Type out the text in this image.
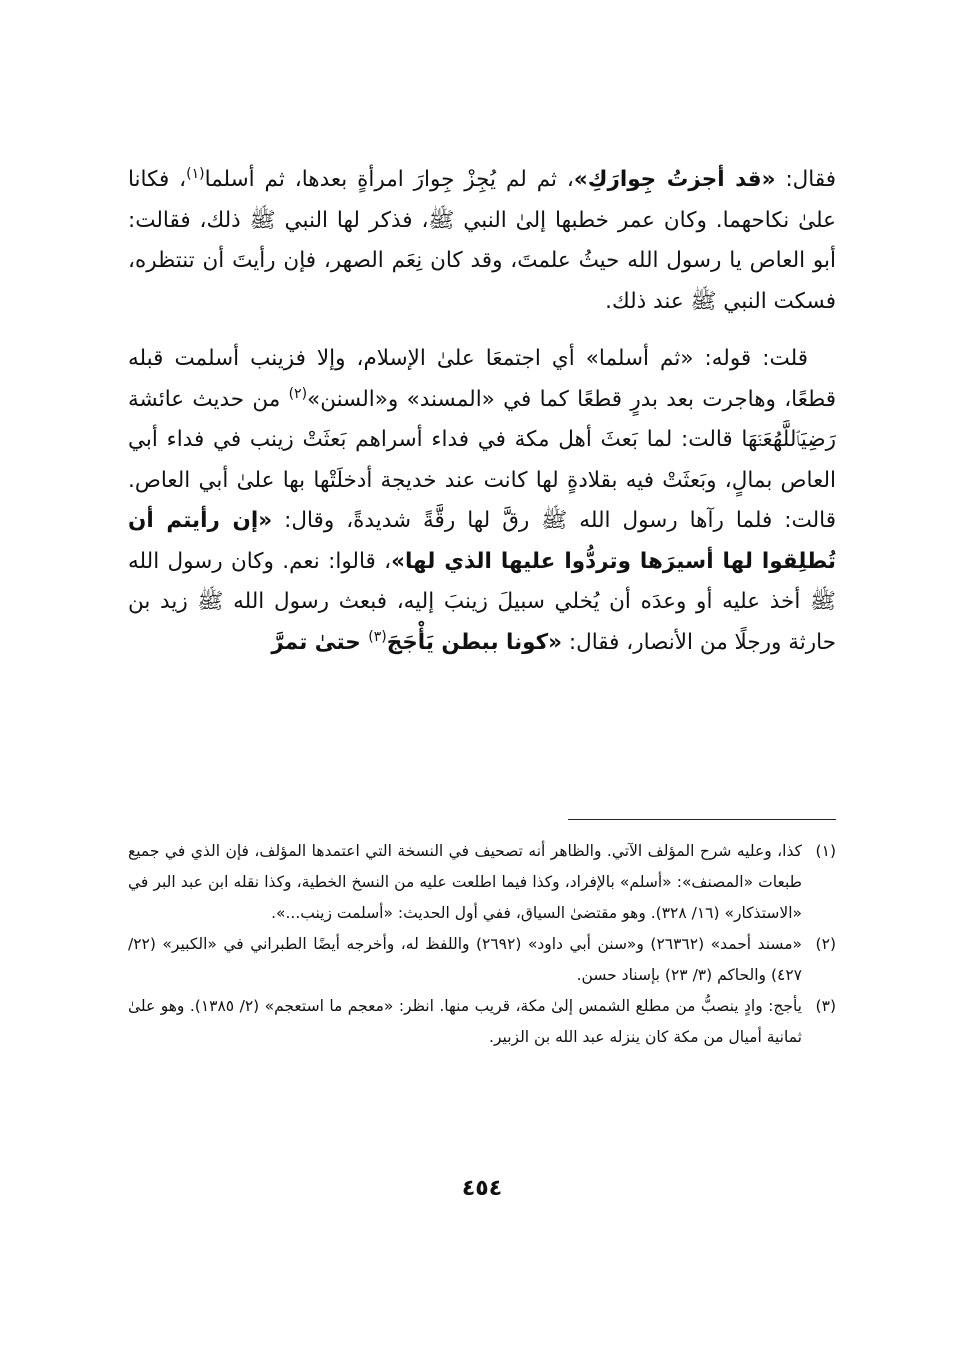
فقال: «قد أجزتُ جِوارَكِ»، ثم لم يُجِزْ جِوارَ امرأةٍ بعدها، ثم أسلما$^{(١)}$، فكانا علىٰ نكاحهما. وكان عمر خطبها إلىٰ النبي ﷺ، فذكر لها النبي ﷺ ذلك، فقالت: أبو العاص يا رسول الله حيثُ علمتَ، وقد كان نِعَم الصهر، فإن رأيتَ أن تنتظره، فسكت النبي ﷺ عند ذلك.

قلت: قوله: «ثم أسلما» أي اجتمعَا علىٰ الإسلام، وإلا فزينب أسلمت قبله قطعًا، وهاجرت بعد بدرٍ قطعًا كما في «المسند» و«السنن»$^{(٢)}$ من حديث عائشة رَضِيَٱللَّهُعَنۡهَا قالت: لما بَعثَ أهل مكة في فداء أسراهم بَعثَتْ زينب في فداء أبي العاص بمالٍ، وبَعثَتْ فيه بقلادةٍ لها كانت عند خديجة أدخلَتْها بها علىٰ أبي العاص. قالت: فلما رآها رسول الله ﷺ رقَّ لها رقَّةً شديدةً، وقال: «إن رأيتم أن تُطلِقوا لها أسيرَها وتردُّوا عليها الذي لها»، قالوا: نعم. وكان رسول الله ﷺ أخذ عليه أو وعدَه أن يُخلي سبيلَ زينبَ إليه، فبعث رسول الله ﷺ زيد بن حارثة ورجلًا من الأنصار، فقال: «كونا ببطن يَأْجَجَ$^{(٣)}$ حتىٰ تمرَّ

(١)
كذا، وعليه شرح المؤلف الآتي. والظاهر أنه تصحيف في النسخة التي اعتمدها المؤلف، فإن الذي في جميع طبعات «المصنف»: «أسلم» بالإفراد، وكذا فيما اطلعت عليه من النسخ الخطية، وكذا نقله ابن عبد البر في «الاستذكار» (١٦/ ٣٢٨). وهو مقتضىٰ السياق، ففي أول الحديث: «أسلمت زينب...».
(٢)
«مسند أحمد» (٢٦٣٦٢) و«سنن أبي داود» (٢٦٩٢) واللفظ له، وأخرجه أيضًا الطبراني في «الكبير» (٢٢/ ٤٢٧) والحاكم (٣/ ٢٣) بإسناد حسن.
(٣)
يأجج: وادٍ ينصبُّ من مطلع الشمس إلىٰ مكة، قريب منها. انظر: «معجم ما استعجم» (٢/ ١٣٨٥). وهو علىٰ ثمانية أميال من مكة كان ينزله عبد الله بن الزبير.
٤٥٤
